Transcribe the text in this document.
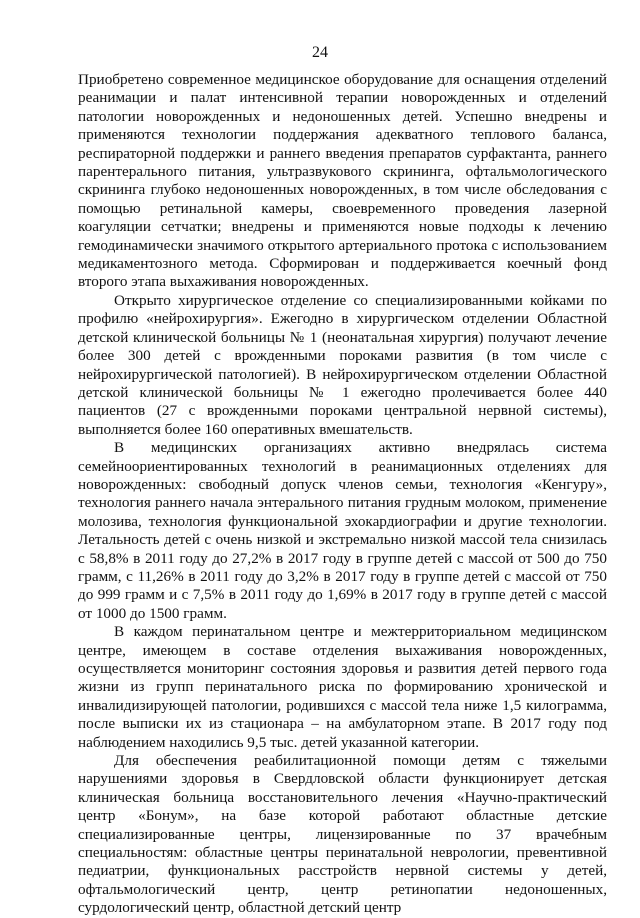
24

Приобретено современное медицинское оборудование для оснащения отделений реанимации и палат интенсивной терапии новорожденных и отделений патологии новорожденных и недоношенных детей. Успешно внедрены и применяются технологии поддержания адекватного теплового баланса, респираторной поддержки и раннего введения препаратов сурфактанта, раннего парентерального питания, ультразвукового скрининга, офтальмологического скрининга глубоко недоношенных новорожденных, в том числе обследования с помощью ретинальной камеры, своевременного проведения лазерной коагуляции сетчатки; внедрены и применяются новые подходы к лечению гемодинамически значимого открытого артериального протока с использованием медикаментозного метода. Сформирован и поддерживается коечный фонд второго этапа выхаживания новорожденных.

Открыто хирургическое отделение со специализированными койками по профилю «нейрохирургия». Ежегодно в хирургическом отделении Областной детской клинической больницы № 1 (неонатальная хирургия) получают лечение более 300 детей с врожденными пороками развития (в том числе с нейрохирургической патологией). В нейрохирургическом отделении Областной детской клинической больницы № 1 ежегодно пролечивается более 440 пациентов (27 с врожденными пороками центральной нервной системы), выполняется более 160 оперативных вмешательств.

В медицинских организациях активно внедрялась система семейноориентированных технологий в реанимационных отделениях для новорожденных: свободный допуск членов семьи, технология «Кенгуру», технология раннего начала энтерального питания грудным молоком, применение молозива, технология функциональной эхокардиографии и другие технологии. Летальность детей с очень низкой и экстремально низкой массой тела снизилась с 58,8% в 2011 году до 27,2% в 2017 году в группе детей с массой от 500 до 750 грамм, с 11,26% в 2011 году до 3,2% в 2017 году в группе детей с массой от 750 до 999 грамм и с 7,5% в 2011 году до 1,69% в 2017 году в группе детей с массой от 1000 до 1500 грамм.

В каждом перинатальном центре и межтерриториальном медицинском центре, имеющем в составе отделения выхаживания новорожденных, осуществляется мониторинг состояния здоровья и развития детей первого года жизни из групп перинатального риска по формированию хронической и инвалидизирующей патологии, родившихся с массой тела ниже 1,5 килограмма, после выписки их из стационара – на амбулаторном этапе. В 2017 году под наблюдением находились 9,5 тыс. детей указанной категории.

Для обеспечения реабилитационной помощи детям с тяжелыми нарушениями здоровья в Свердловской области функционирует детская клиническая больница восстановительного лечения «Научно-практический центр «Бонум», на базе которой работают областные детские специализированные центры, лицензированные по 37 врачебным специальностям: областные центры перинатальной неврологии, превентивной педиатрии, функциональных расстройств нервной системы у детей, офтальмологический центр, центр ретинопатии недоношенных, сурдологический центр, областной детский центр
